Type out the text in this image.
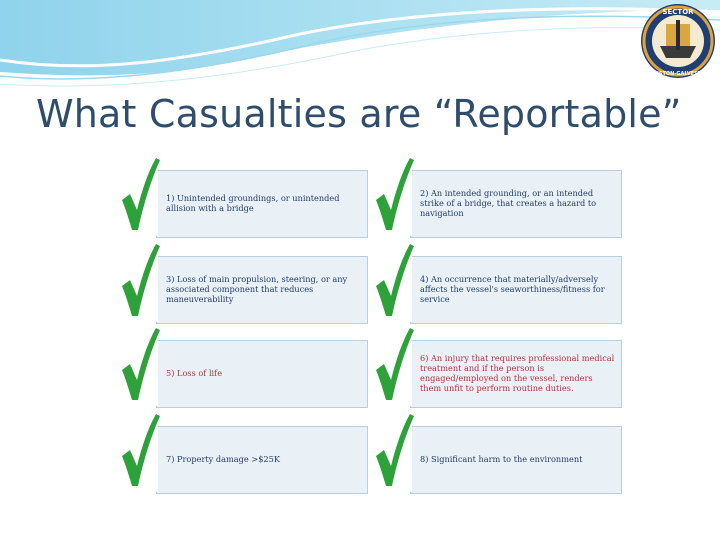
SECTOR
HOUSTON-GALVESTON
What Casualties are “Reportable”
1) Unintended groundings, or unintended allision with a bridge
2) An intended grounding, or an intended strike of a bridge, that creates a hazard to navigation
3) Loss of main propulsion, steering, or any associated component that reduces maneuverability
4) An occurrence that materially/adversely affects the vessel's seaworthiness/fitness for service
5) Loss of life
6) An injury that requires professional medical treatment and if the person is engaged/employed on the vessel, renders them unfit to perform routine duties.
7) Property damage >$25K	8) Significant harm to the environment
